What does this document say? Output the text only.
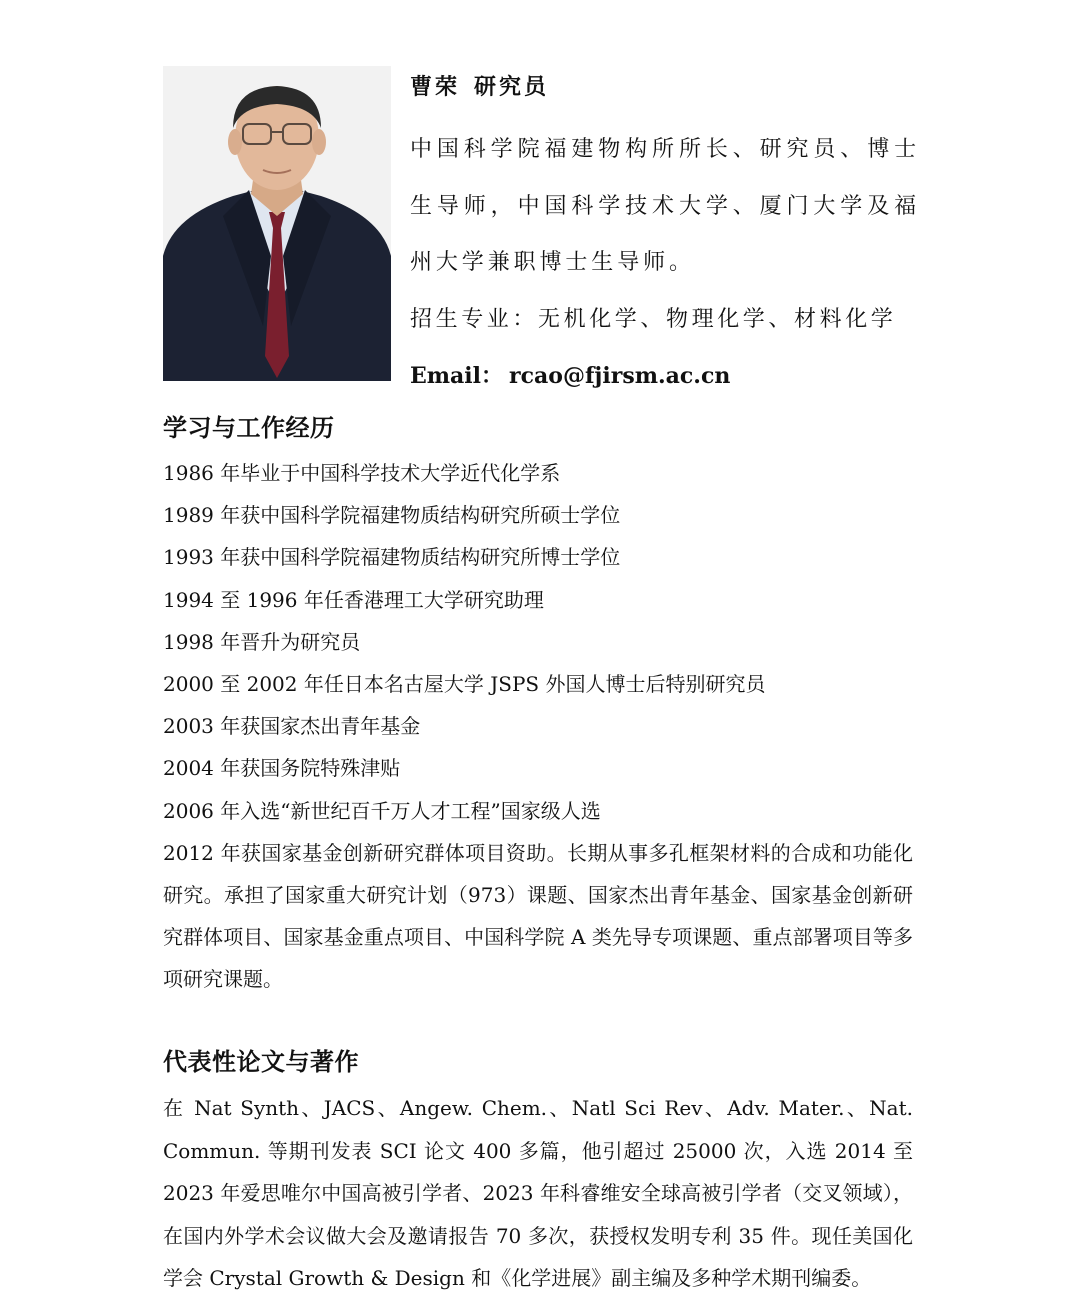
曹荣 研究员
中国科学院福建物构所所长、研究员、博士生导师，中国科学技术大学、厦门大学及福州大学兼职博士生导师。
招生专业：无机化学、物理化学、材料化学
Email： rcao@fjirsm.ac.cn
学习与工作经历
1986 年毕业于中国科学技术大学近代化学系
1989 年获中国科学院福建物质结构研究所硕士学位
1993 年获中国科学院福建物质结构研究所博士学位
1994 至 1996 年任香港理工大学研究助理
1998 年晋升为研究员
2000 至 2002 年任日本名古屋大学 JSPS 外国人博士后特别研究员
2003 年获国家杰出青年基金
2004 年获国务院特殊津贴
2006 年入选“新世纪百千万人才工程”国家级人选
2012 年获国家基金创新研究群体项目资助。长期从事多孔框架材料的合成和功能化研究。承担了国家重大研究计划（973）课题、国家杰出青年基金、国家基金创新研究群体项目、国家基金重点项目、中国科学院 A 类先导专项课题、重点部署项目等多项研究课题。
代表性论文与著作

在 Nat Synth、JACS、Angew. Chem.、Natl Sci Rev、Adv. Mater.、Nat. Commun. 等期刊发表 SCI 论文 400 多篇，他引超过 25000 次，入选 2014 至 2023 年爱思唯尔中国高被引学者、2023 年科睿维安全球高被引学者（交叉领域），在国内外学术会议做大会及邀请报告 70 多次，获授权发明专利 35 件。现任美国化学会 Crystal Growth & Design 和《化学进展》副主编及多种学术期刊编委。
